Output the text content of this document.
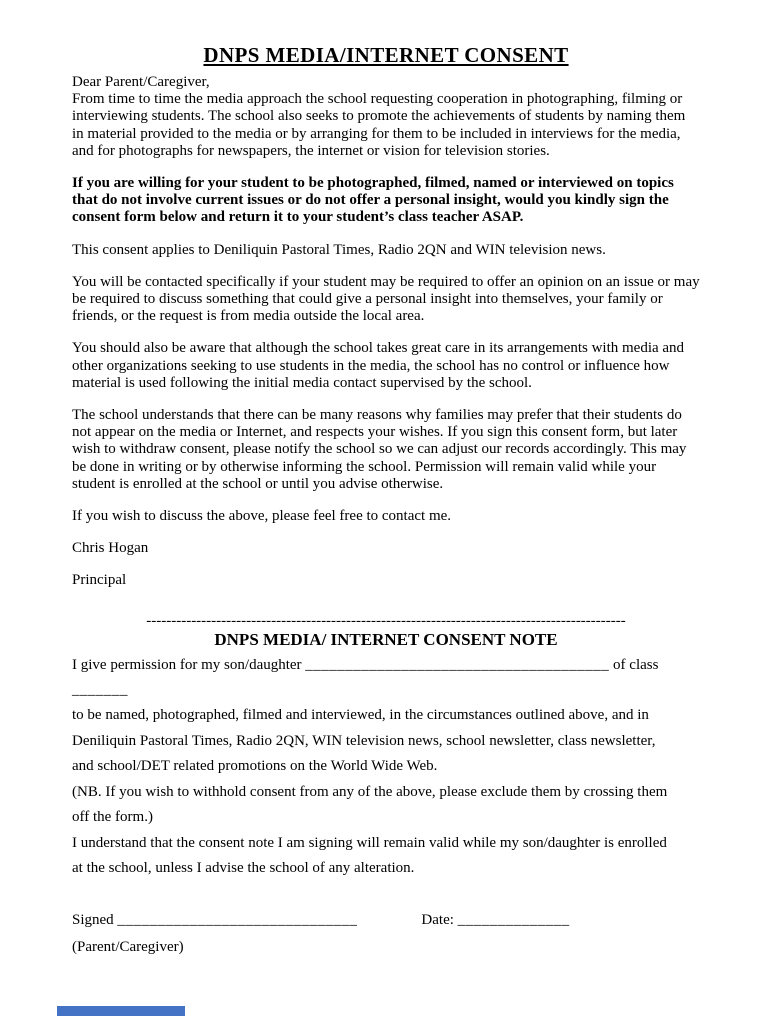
DNPS MEDIA/INTERNET CONSENT

Dear Parent/Caregiver,

From time to time the media approach the school requesting cooperation in photographing, filming or interviewing students. The school also seeks to promote the achievements of students by naming them in material provided to the media or by arranging for them to be included in interviews for the media, and for photographs for newspapers, the internet or vision for television stories.

If you are willing for your student to be photographed, filmed, named or interviewed on topics that do not involve current issues or do not offer a personal insight, would you kindly sign the consent form below and return it to your student’s class teacher ASAP.

This consent applies to Deniliquin Pastoral Times, Radio 2QN and WIN television news.

You will be contacted specifically if your student may be required to offer an opinion on an issue or may be required to discuss something that could give a personal insight into themselves, your family or friends, or the request is from media outside the local area.

You should also be aware that although the school takes great care in its arrangements with media and other organizations seeking to use students in the media, the school has no control or influence how material is used following the initial media contact supervised by the school.

The school understands that there can be many reasons why families may prefer that their students do not appear on the media or Internet, and respects your wishes. If you sign this consent form, but later wish to withdraw consent, please notify the school so we can adjust our records accordingly. This may be done in writing or by otherwise informing the school. Permission will remain valid while your student is enrolled at the school or until you advise otherwise.

If you wish to discuss the above, please feel free to contact me.

Chris Hogan

Principal

------------------------------------------------------------------------------------------------
DNPS MEDIA/ INTERNET CONSENT NOTE

I give permission for my son/daughter ______________________________________ of class _______

to be named, photographed, filmed and interviewed, in the circumstances outlined above, and in

Deniliquin Pastoral Times, Radio 2QN, WIN television news, school newsletter, class newsletter,

and school/DET related promotions on the World Wide Web.

(NB. If you wish to withhold consent from any of the above, please exclude them by crossing them

off the form.)

I understand that the consent note I am signing will remain valid while my son/daughter is enrolled

at the school, unless I advise the school of any alteration.

Signed ______________________________	Date: ______________

(Parent/Caregiver)
